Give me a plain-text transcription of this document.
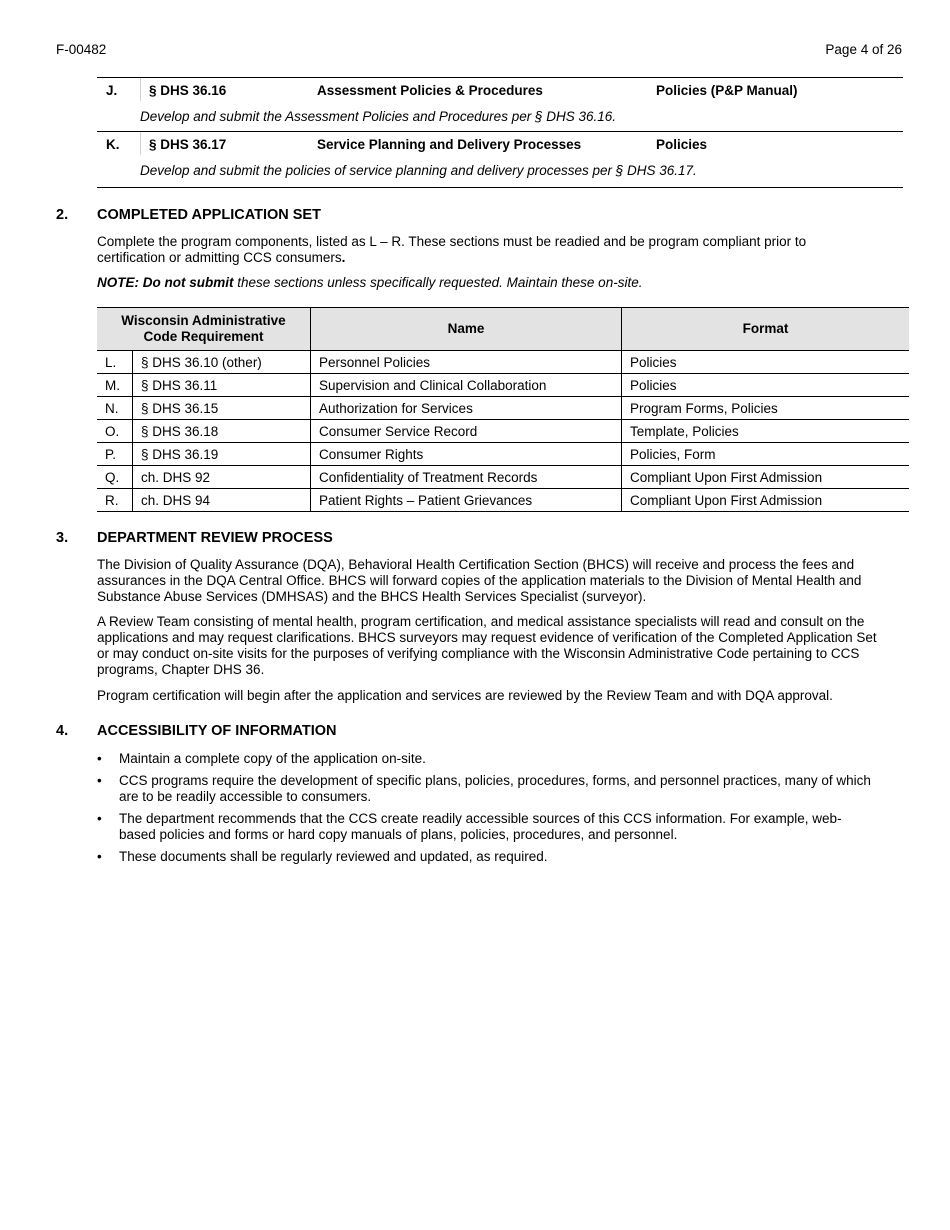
F-00482	Page 4 of 26
J.	§ DHS 36.16	Assessment Policies & Procedures	Policies (P&P Manual)
Develop and submit the Assessment Policies and Procedures per § DHS 36.16.
K.	§ DHS 36.17	Service Planning and Delivery Processes	Policies
Develop and submit the policies of service planning and delivery processes per § DHS 36.17.
2. COMPLETED APPLICATION SET
Complete the program components, listed as L – R. These sections must be readied and be program compliant prior to certification or admitting CCS consumers.
NOTE: Do not submit these sections unless specifically requested. Maintain these on-site.
Wisconsin Administrative Code Requirement		Name	Format
L.	§ DHS 36.10 (other)	Personnel Policies	Policies
M.	§ DHS 36.11	Supervision and Clinical Collaboration	Policies
N.	§ DHS 36.15	Authorization for Services	Program Forms, Policies
O.	§ DHS 36.18	Consumer Service Record	Template, Policies
P.	§ DHS 36.19	Consumer Rights	Policies, Form
Q.	ch. DHS 92	Confidentiality of Treatment Records	Compliant Upon First Admission
R.	ch. DHS 94	Patient Rights – Patient Grievances	Compliant Upon First Admission
3. DEPARTMENT REVIEW PROCESS
The Division of Quality Assurance (DQA), Behavioral Health Certification Section (BHCS) will receive and process the fees and assurances in the DQA Central Office. BHCS will forward copies of the application materials to the Division of Mental Health and Substance Abuse Services (DMHSAS) and the BHCS Health Services Specialist (surveyor).
A Review Team consisting of mental health, program certification, and medical assistance specialists will read and consult on the applications and may request clarifications. BHCS surveyors may request evidence of verification of the Completed Application Set or may conduct on-site visits for the purposes of verifying compliance with the Wisconsin Administrative Code pertaining to CCS programs, Chapter DHS 36.
Program certification will begin after the application and services are reviewed by the Review Team and with DQA approval.
4. ACCESSIBILITY OF INFORMATION
• Maintain a complete copy of the application on-site.
• CCS programs require the development of specific plans, policies, procedures, forms, and personnel practices, many of which are to be readily accessible to consumers.
• The department recommends that the CCS create readily accessible sources of this CCS information. For example, web-based policies and forms or hard copy manuals of plans, policies, procedures, and personnel.
• These documents shall be regularly reviewed and updated, as required.
